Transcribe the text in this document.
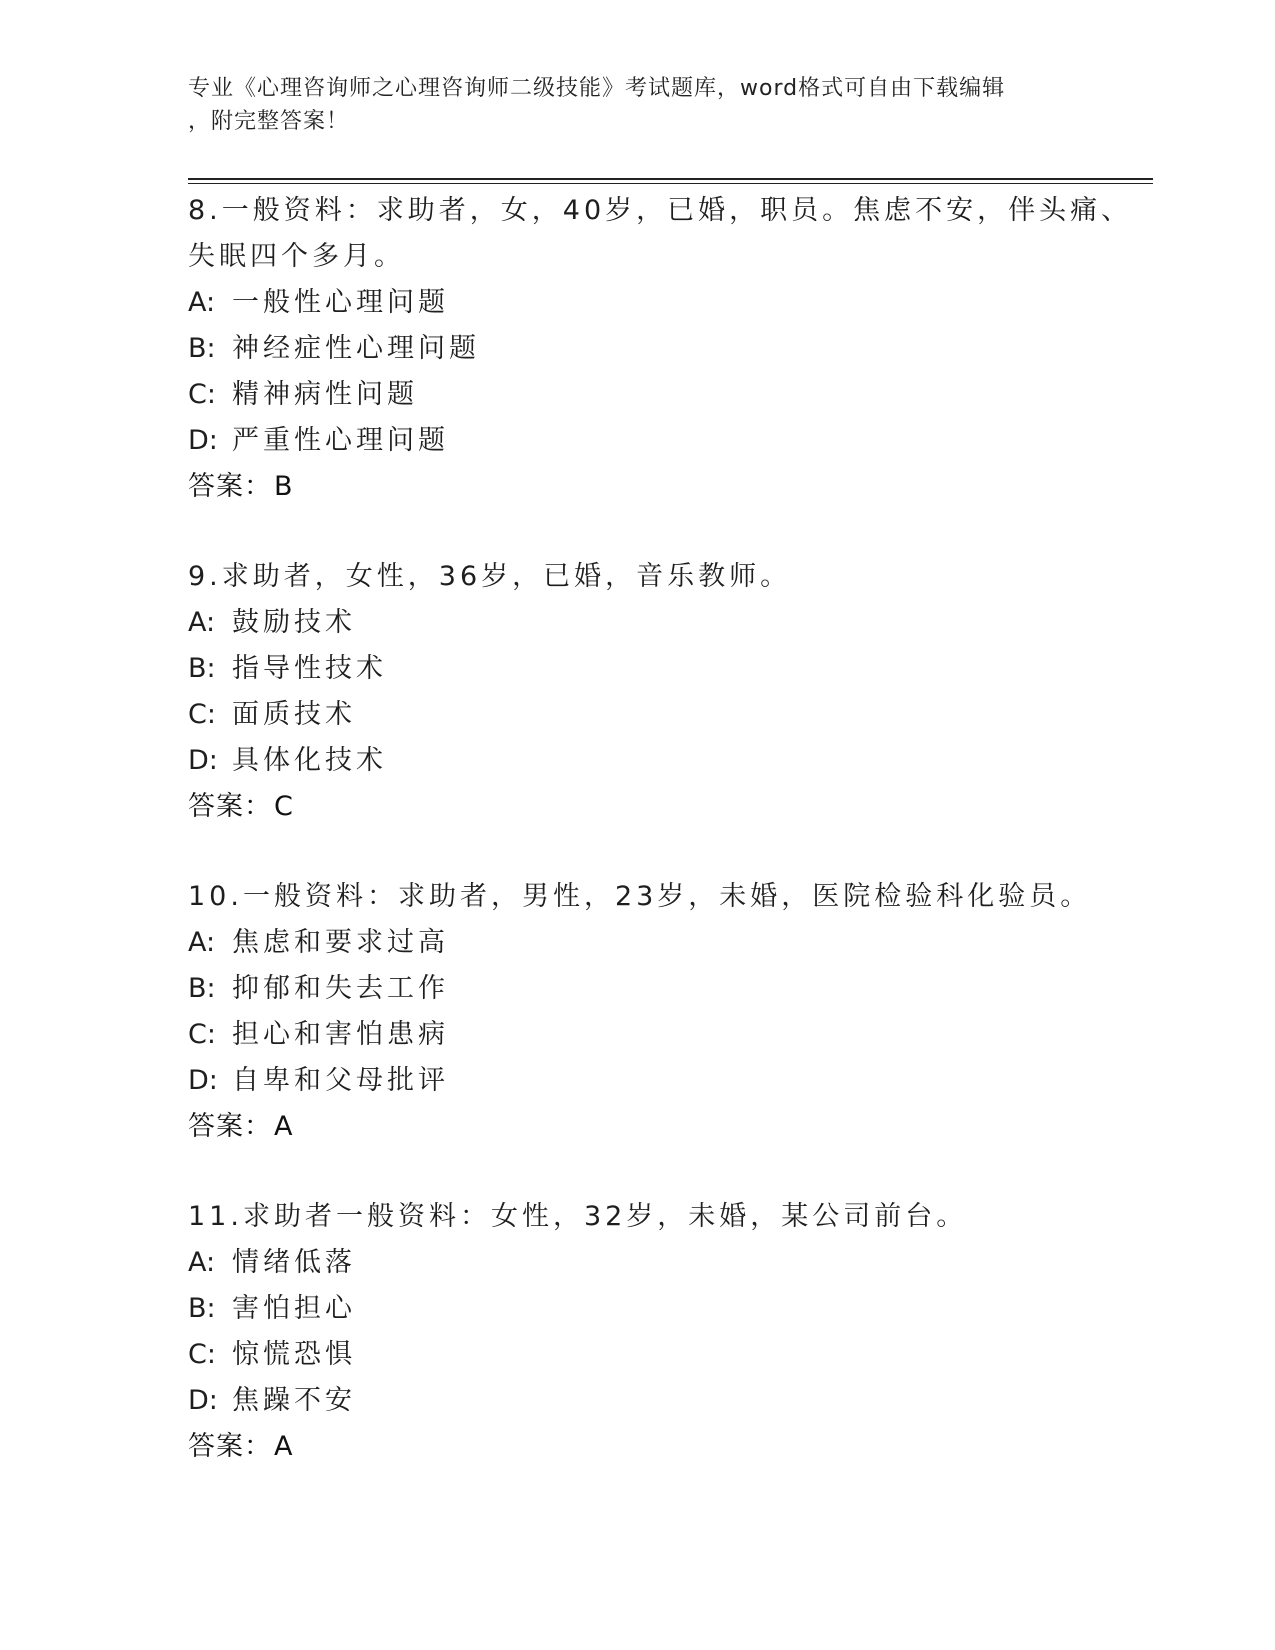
专业《心理咨询师之心理咨询师二级技能》考试题库，word格式可自由下载编辑
，附完整答案！
8.一般资料：求助者，女，40岁，已婚，职员。焦虑不安，伴头痛、
失眠四个多月。
A: 一般性心理问题
B: 神经症性心理问题
C: 精神病性问题
D: 严重性心理问题
答案：B
9.求助者，女性，36岁，已婚，音乐教师。
A: 鼓励技术
B: 指导性技术
C: 面质技术
D: 具体化技术
答案：C
10.一般资料：求助者，男性，23岁，未婚，医院检验科化验员。
A: 焦虑和要求过高
B: 抑郁和失去工作
C: 担心和害怕患病
D: 自卑和父母批评
答案：A
11.求助者一般资料：女性，32岁，未婚，某公司前台。
A: 情绪低落
B: 害怕担心
C: 惊慌恐惧
D: 焦躁不安
答案：A
